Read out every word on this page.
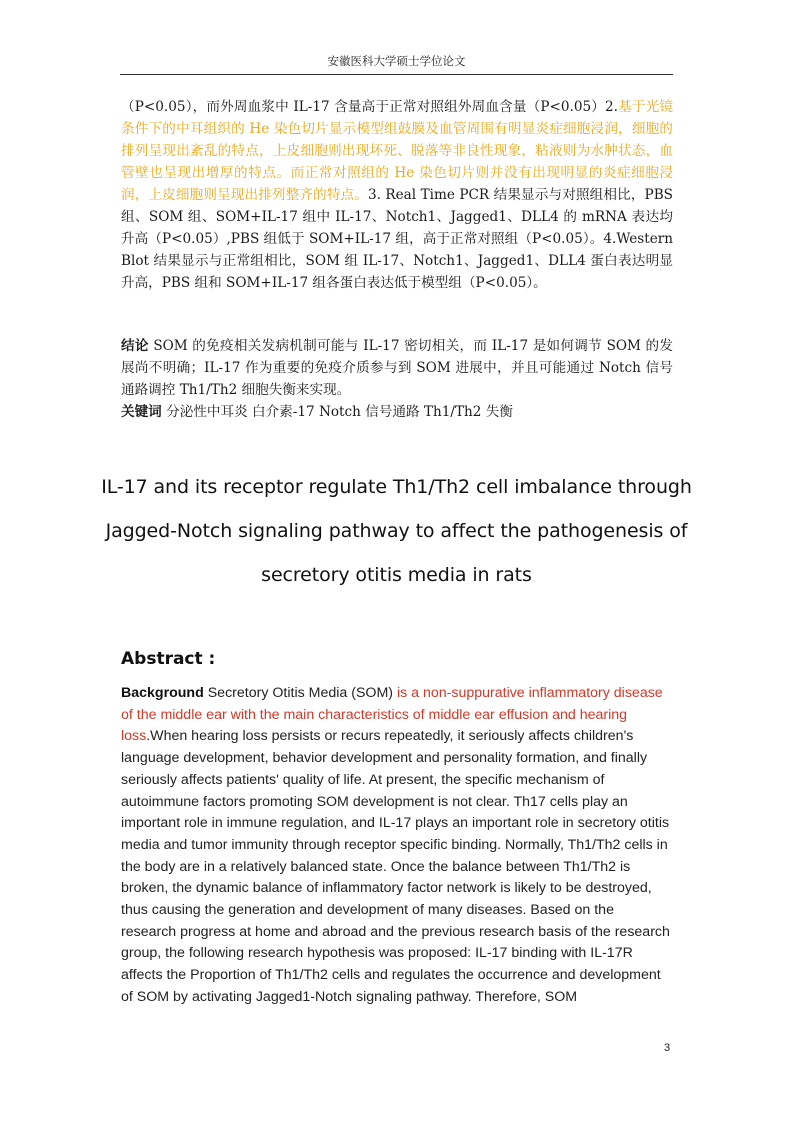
安徽医科大学硕士学位论文

（P<0.05），而外周血浆中 IL-17 含量高于正常对照组外周血含量（P<0.05）2.基于光镜条件下的中耳组织的 He 染色切片显示模型组鼓膜及血管周围有明显炎症细胞浸润，细胞的排列呈现出紊乱的特点，上皮细胞则出现坏死、脱落等非良性现象，粘液则为水肿状态，血管壁也呈现出增厚的特点。而正常对照组的 He 染色切片则并没有出现明显的炎症细胞浸润，上皮细胞则呈现出排列整齐的特点。3. Real Time PCR 结果显示与对照组相比，PBS 组、SOM 组、SOM+IL-17 组中 IL-17、Notch1、Jagged1、DLL4 的 mRNA 表达均升高（P<0.05）,PBS 组低于 SOM+IL-17 组，高于正常对照组（P<0.05）。4.Western Blot 结果显示与正常组相比，SOM 组 IL-17、Notch1、Jagged1、DLL4 蛋白表达明显升高，PBS 组和 SOM+IL-17 组各蛋白表达低于模型组（P<0.05）。

结论 SOM 的免疫相关发病机制可能与 IL-17 密切相关，而 IL-17 是如何调节 SOM 的发展尚不明确；IL-17 作为重要的免疫介质参与到 SOM 进展中，并且可能通过 Notch 信号通路调控 Th1/Th2 细胞失衡来实现。

关键词 分泌性中耳炎 白介素-17 Notch 信号通路 Th1/Th2 失衡

IL-17 and its receptor regulate Th1/Th2 cell imbalance through
Jagged-Notch signaling pathway to affect the pathogenesis of
secretory otitis media in rats
Abstract :

Background Secretory Otitis Media (SOM) is a non-suppurative inflammatory disease of the middle ear with the main characteristics of middle ear effusion and hearing loss.When hearing loss persists or recurs repeatedly, it seriously affects children's language development, behavior development and personality formation, and finally seriously affects patients' quality of life. At present, the specific mechanism of autoimmune factors promoting SOM development is not clear. Th17 cells play an important role in immune regulation, and IL-17 plays an important role in secretory otitis media and tumor immunity through receptor specific binding. Normally, Th1/Th2 cells in the body are in a relatively balanced state. Once the balance between Th1/Th2 is broken, the dynamic balance of inflammatory factor network is likely to be destroyed, thus causing the generation and development of many diseases. Based on the research progress at home and abroad and the previous research basis of the research group, the following research hypothesis was proposed: IL-17 binding with IL-17R affects the Proportion of Th1/Th2 cells and regulates the occurrence and development of SOM by activating Jagged1-Notch signaling pathway. Therefore, SOM

3
